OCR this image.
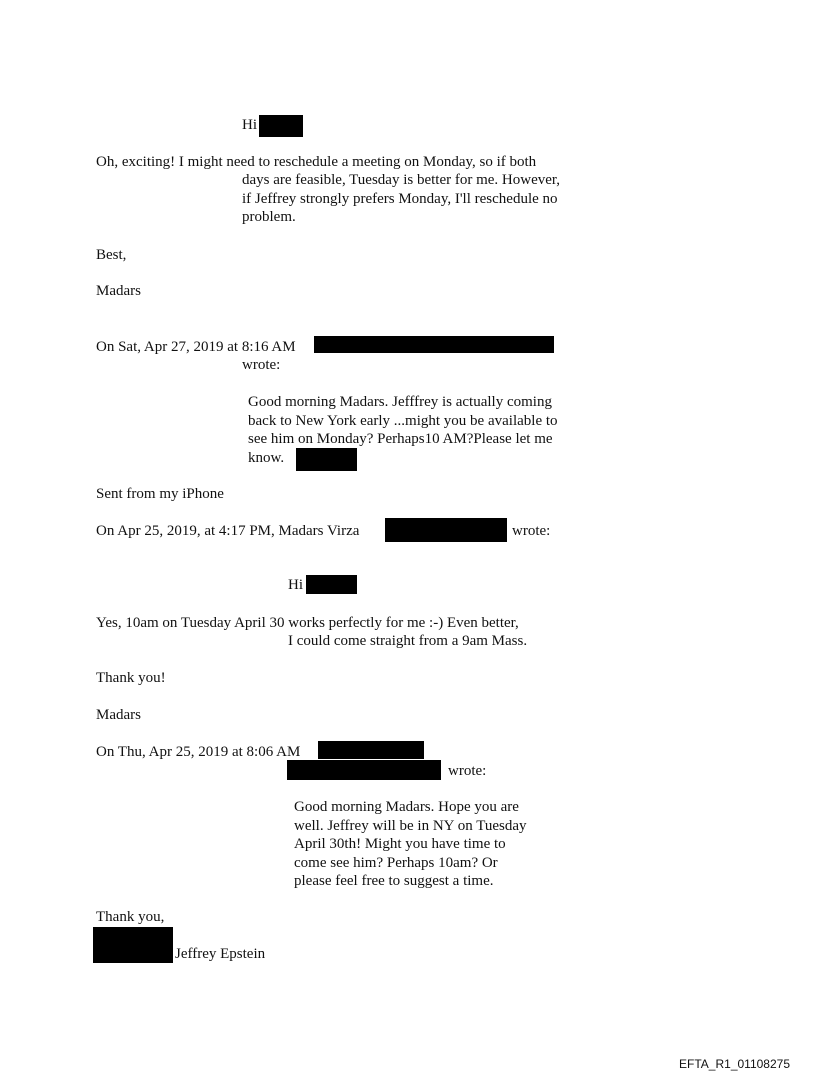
Hi

Oh, exciting! I might need to reschedule a meeting on Monday, so if both

days are feasible, Tuesday is better for me. However,
if Jeffrey strongly prefers Monday, I'll reschedule no
problem.

Best,

Madars

On Sat, Apr 27, 2019 at 8:16 AM

wrote:

Good morning Madars. Jefffrey is actually coming
back to New York early ...might you be available to
see him on Monday? Perhaps10 AM?Please let me
know.

Sent from my iPhone

On Apr 25, 2019, at 4:17 PM, Madars Virza	wrote:

Hi

Yes, 10am on Tuesday April 30 works perfectly for me :-) Even better,

I could come straight from a 9am Mass.

Thank you!

Madars

On Thu, Apr 25, 2019 at 8:06 AM

wrote:

Good morning Madars. Hope you are
well. Jeffrey will be in NY on Tuesday
April 30th! Might you have time to
come see him? Perhaps 10am? Or
please feel free to suggest a time.

Thank you,

Jeffrey Epstein

EFTA_R1_01108275
